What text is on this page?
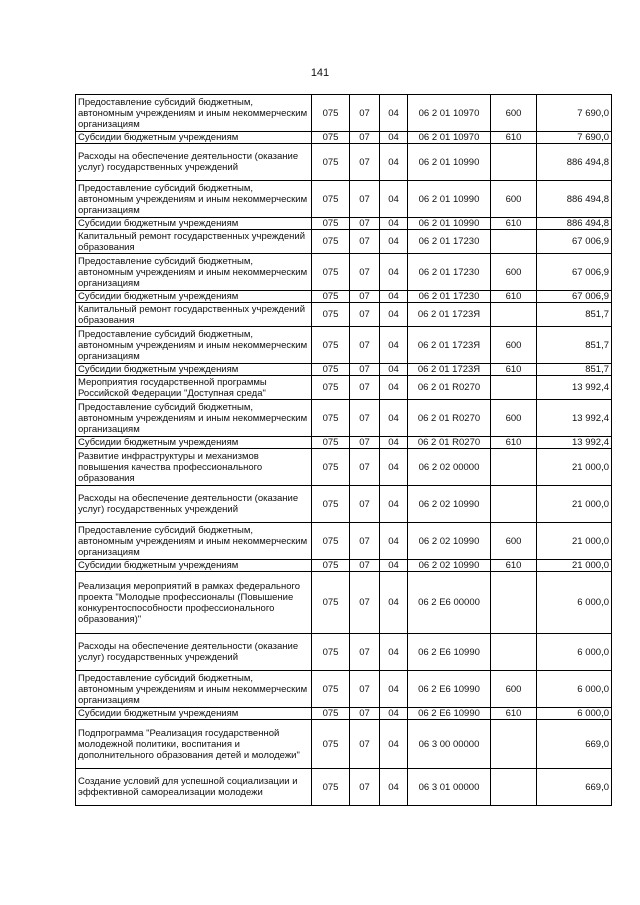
141
Предоставление субсидий бюджетным, автономным учреждениям и иным некоммерческим организациям	075	07	04	06 2 01 10970	600	7 690,0
Субсидии бюджетным учреждениям	075	07	04	06 2 01 10970	610	7 690,0
Расходы на обеспечение деятельности (оказание услуг) государственных учреждений	075	07	04	06 2 01 10990		886 494,8
Предоставление субсидий бюджетным, автономным учреждениям и иным некоммерческим организациям	075	07	04	06 2 01 10990	600	886 494,8
Субсидии бюджетным учреждениям	075	07	04	06 2 01 10990	610	886 494,8
Капитальный ремонт государственных учреждений образования	075	07	04	06 2 01 17230		67 006,9
Предоставление субсидий бюджетным, автономным учреждениям и иным некоммерческим организациям	075	07	04	06 2 01 17230	600	67 006,9
Субсидии бюджетным учреждениям	075	07	04	06 2 01 17230	610	67 006,9
Капитальный ремонт государственных учреждений образования	075	07	04	06 2 01 1723Я		851,7
Предоставление субсидий бюджетным, автономным учреждениям и иным некоммерческим организациям	075	07	04	06 2 01 1723Я	600	851,7
Субсидии бюджетным учреждениям	075	07	04	06 2 01 1723Я	610	851,7
Мероприятия государственной программы Российской Федерации "Доступная среда"	075	07	04	06 2 01 R0270		13 992,4
Предоставление субсидий бюджетным, автономным учреждениям и иным некоммерческим организациям	075	07	04	06 2 01 R0270	600	13 992,4
Субсидии бюджетным учреждениям	075	07	04	06 2 01 R0270	610	13 992,4
Развитие инфраструктуры и механизмов повышения качества профессионального образования	075	07	04	06 2 02 00000		21 000,0
Расходы на обеспечение деятельности (оказание услуг) государственных учреждений	075	07	04	06 2 02 10990		21 000,0
Предоставление субсидий бюджетным, автономным учреждениям и иным некоммерческим организациям	075	07	04	06 2 02 10990	600	21 000,0
Субсидии бюджетным учреждениям	075	07	04	06 2 02 10990	610	21 000,0
Реализация мероприятий в рамках федерального проекта "Молодые профессионалы (Повышение конкурентоспособности профессионального образования)"	075	07	04	06 2 E6 00000		6 000,0
Расходы на обеспечение деятельности (оказание услуг) государственных учреждений	075	07	04	06 2 E6 10990		6 000,0
Предоставление субсидий бюджетным, автономным учреждениям и иным некоммерческим организациям	075	07	04	06 2 E6 10990	600	6 000,0
Субсидии бюджетным учреждениям	075	07	04	06 2 E6 10990	610	6 000,0
Подпрограмма "Реализация государственной молодежной политики, воспитания и дополнительного образования детей и молодежи"	075	07	04	06 3 00 00000		669,0
Создание условий для успешной социализации и эффективной самореализации молодежи	075	07	04	06 3 01 00000		669,0
